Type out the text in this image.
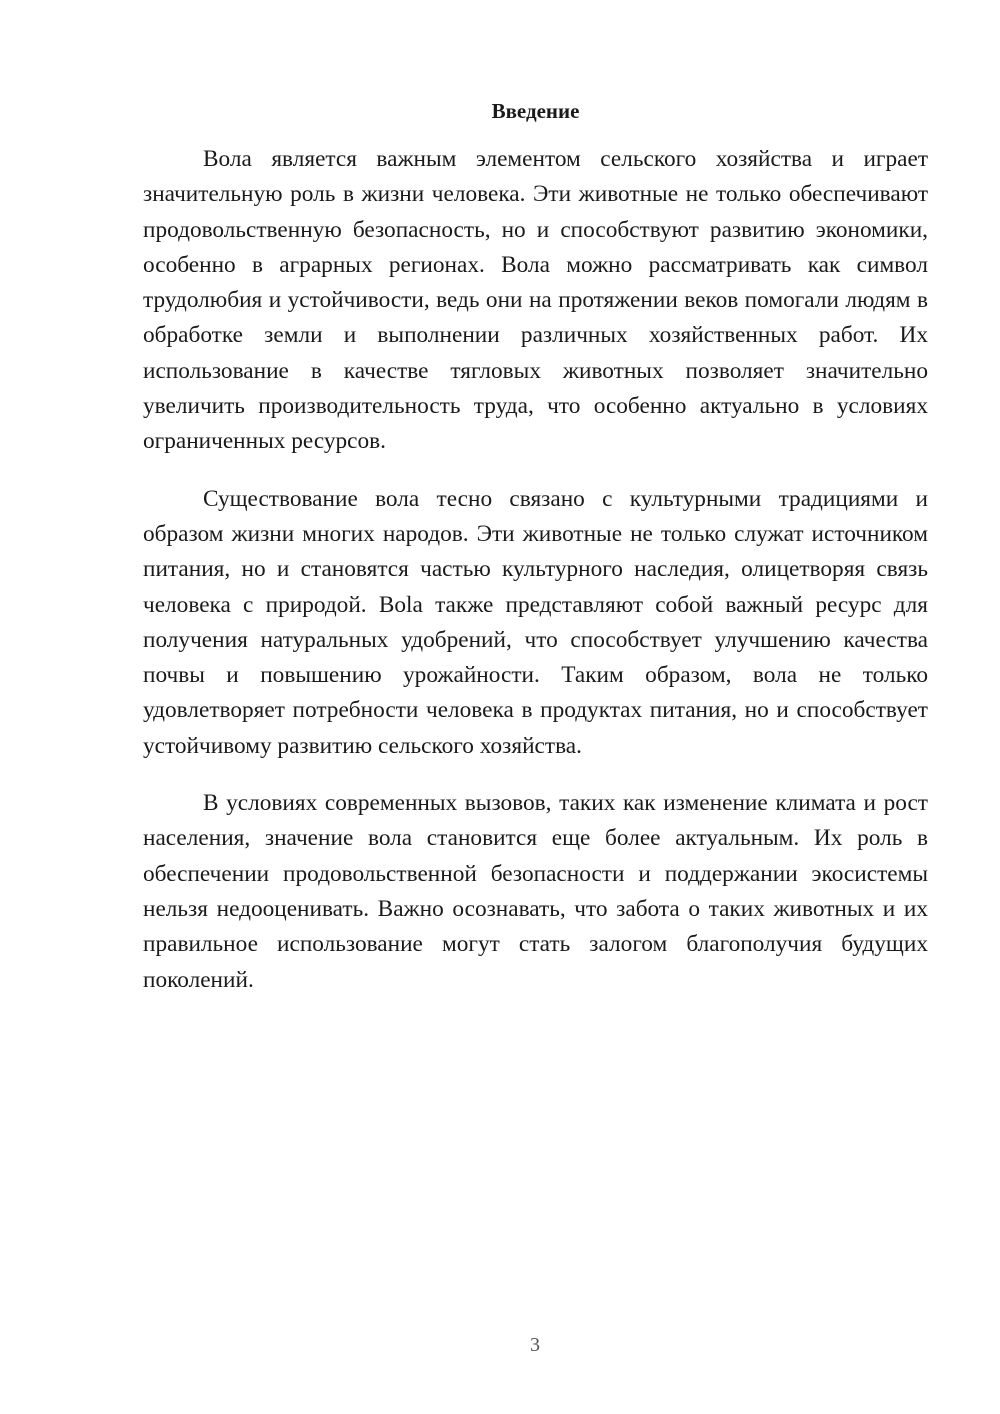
Введение

Вола является важным элементом сельского хозяйства и играет значительную роль в жизни человека. Эти животные не только обеспечивают продовольственную безопасность, но и способствуют развитию экономики, особенно в аграрных регионах. Вола можно рассматривать как символ трудолюбия и устойчивости, ведь они на протяжении веков помогали людям в обработке земли и выполнении различных хозяйственных работ. Их использование в качестве тягловых животных позволяет значительно увеличить производительность труда, что особенно актуально в условиях ограниченных ресурсов.

Существование вола тесно связано с культурными традициями и образом жизни многих народов. Эти животные не только служат источником питания, но и становятся частью культурного наследия, олицетворяя связь человека с природой. Bola также представляют собой важный ресурс для получения натуральных удобрений, что способствует улучшению качества почвы и повышению урожайности. Таким образом, вола не только удовлетворяет потребности человека в продуктах питания, но и способствует устойчивому развитию сельского хозяйства.

В условиях современных вызовов, таких как изменение климата и рост населения, значение вола становится еще более актуальным. Их роль в обеспечении продовольственной безопасности и поддержании экосистемы нельзя недооценивать. Важно осознавать, что забота о таких животных и их правильное использование могут стать залогом благополучия будущих поколений.

3
